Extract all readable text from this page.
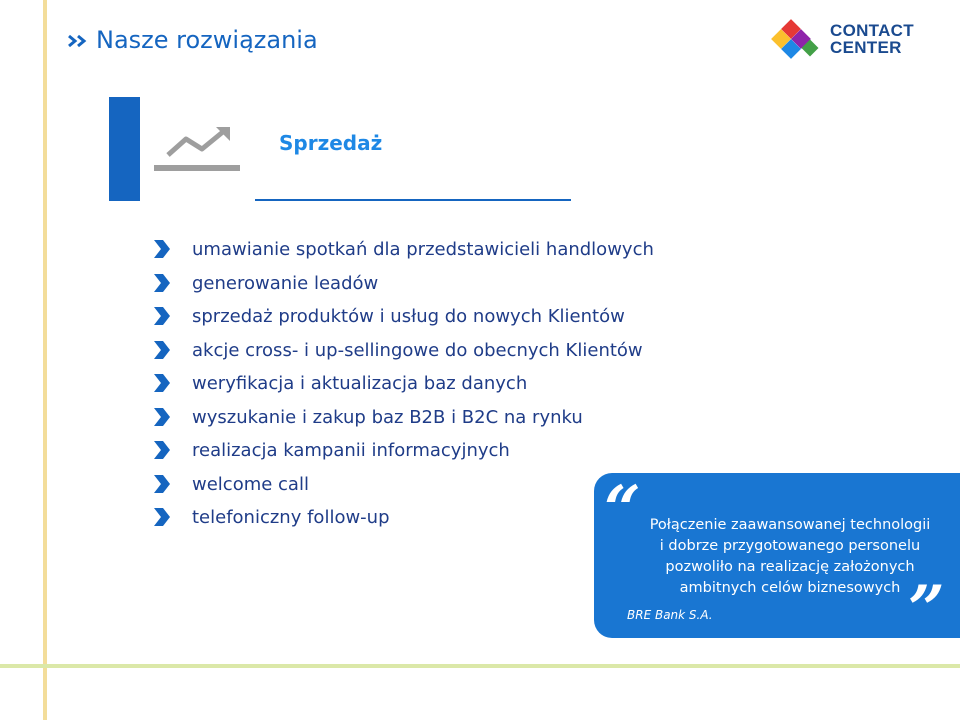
Nasze rozwiązania	CONTACT
CENTER
Sprzedaż
umawianie spotkań dla przedstawicieli handlowych
generowanie leadów
sprzedaż produktów i usług do nowych Klientów
akcje cross- i up-sellingowe do obecnych Klientów
weryfikacja i aktualizacja baz danych
wyszukanie i zakup baz B2B i B2C na rynku
realizacja kampanii informacyjnych
welcome call
telefoniczny follow-up	“ Połączenie zaawansowanej technologii
i dobrze przygotowanego personelu
pozwoliło na realizację założonych
ambitnych celów biznesowych ”
BRE Bank S.A.
